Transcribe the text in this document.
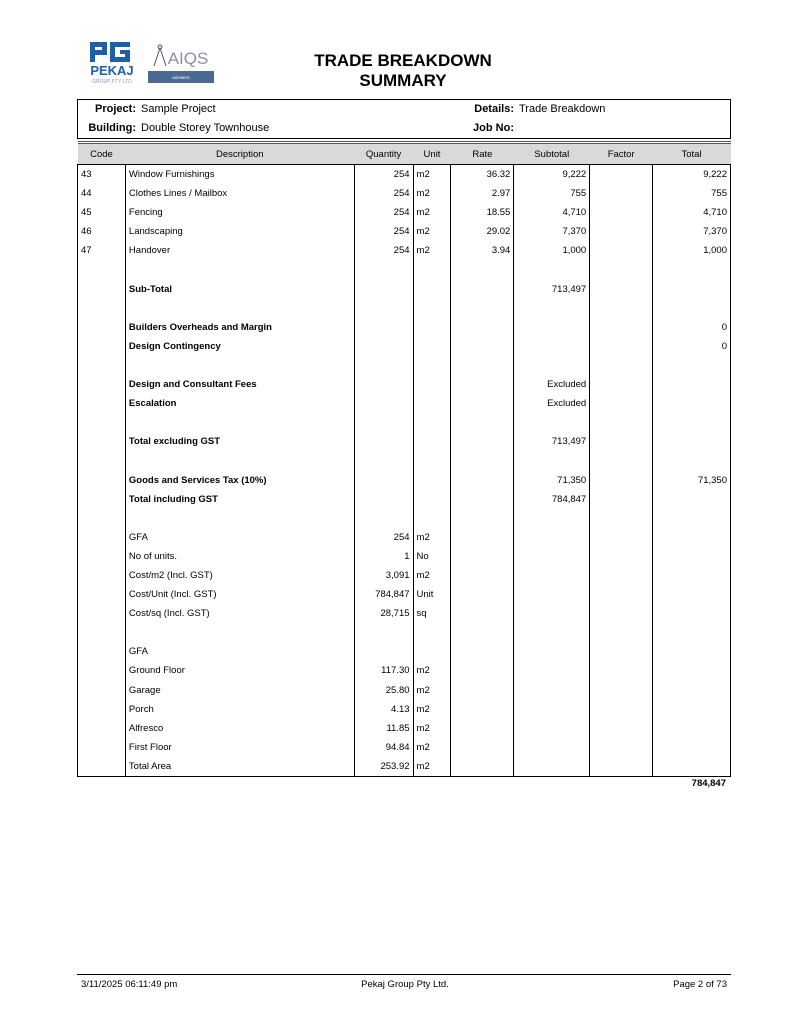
PEKAJ
GROUP PTY LTD
AIQS
MEMBER
TRADE BREAKDOWN
SUMMARY
Project: Sample Project
Building: Double Storey Townhouse
Details: Trade Breakdown
Job No:
Code	Description	Quantity	Unit	Rate	Subtotal	Factor	Total
43	Window Furnishings	254	m2	36.32	9,222		9,222
44	Clothes Lines / Mailbox	254	m2	2.97	755		755
45	Fencing	254	m2	18.55	4,710		4,710
46	Landscaping	254	m2	29.02	7,370		7,370
47	Handover	254	m2	3.94	1,000		1,000

	Sub-Total				713,497		

	Builders Overheads and Margin						0
	Design Contingency						0

	Design and Consultant Fees				Excluded		
	Escalation				Excluded		

	Total excluding GST				713,497		

	Goods and Services Tax (10%)				71,350		71,350
	Total including GST				784,847		

	GFA	254	m2				
	No of units.	1	No				
	Cost/m2 (Incl. GST)	3,091	m2				
	Cost/Unit (Incl. GST)	784,847	Unit				
	Cost/sq (Incl. GST)	28,715	sq				

	GFA						
	Ground Floor	117.30	m2				
	Garage	25.80	m2				
	Porch	4.13	m2				
	Alfresco	11.85	m2				
	First Floor	94.84	m2				
	Total Area	253.92	m2				
784,847
3/11/2025 06:11:49 pm	Pekaj Group Pty Ltd.	Page 2 of 73
